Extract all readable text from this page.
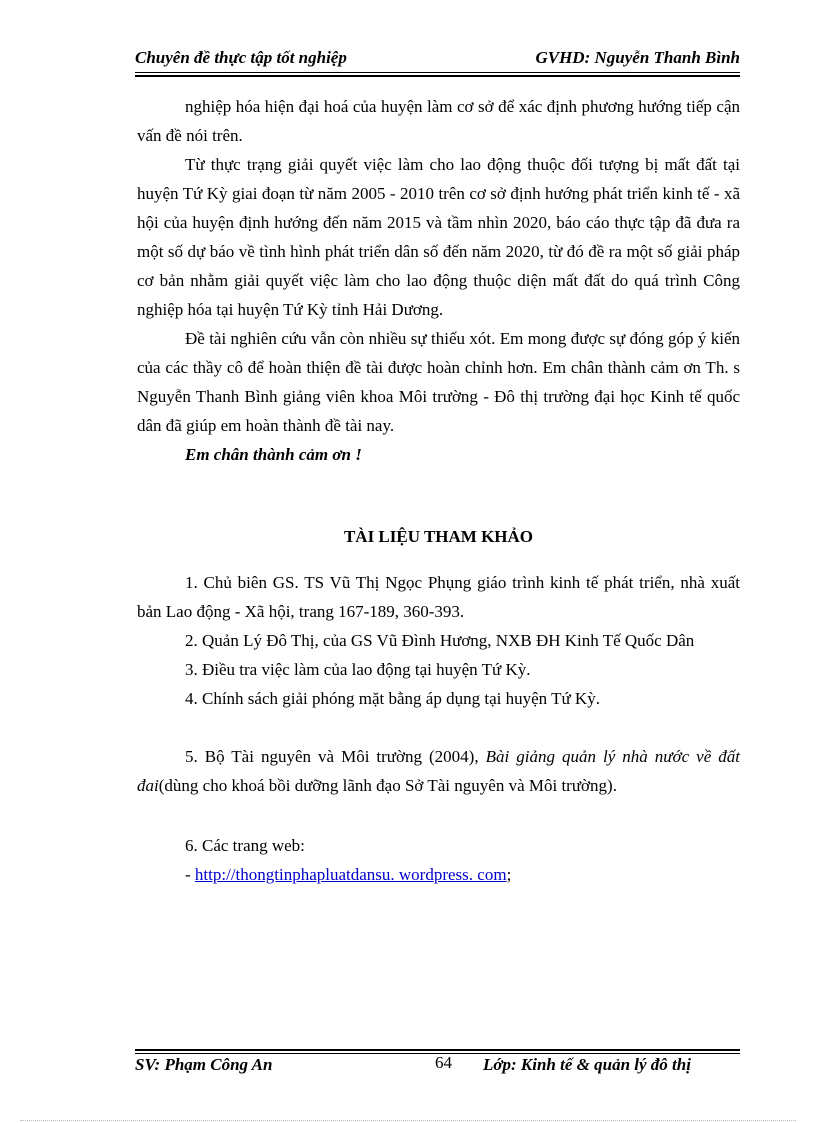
Chuyên đề thực tập tốt nghiệp	GVHD: Nguyễn Thanh Bình

nghiệp hóa hiện đại hoá của huyện làm cơ sở để xác định phương hướng tiếp cận vấn đề nói trên.

Từ thực trạng giải quyết việc làm cho lao động thuộc đối tượng bị mất đất tại huyện Tứ Kỳ giai đoạn từ năm 2005 - 2010 trên cơ sở định hướng phát triển kinh tế - xã hội của huyện định hướng đến năm 2015 và tầm nhìn 2020, báo cáo thực tập đã đưa ra một số dự báo về tình hình phát triển dân số đến năm 2020, từ đó đề ra một số giải pháp cơ bản nhằm giải quyết việc làm cho lao động thuộc diện mất đất do quá trình Công nghiệp hóa tại huyện Tứ Kỳ tỉnh Hải Dương.

Đề tài nghiên cứu vẫn còn nhiều sự thiếu xót. Em mong được sự đóng góp ý kiến của các thầy cô để hoàn thiện đề tài được hoàn chỉnh hơn. Em chân thành cảm ơn Th. s Nguyễn Thanh Bình giảng viên khoa Môi trường - Đô thị trường đại học Kinh tế quốc dân đã giúp em hoàn thành đề tài nay.

Em chân thành cảm ơn !

TÀI LIỆU THAM KHẢO

1. Chủ biên GS. TS Vũ Thị Ngọc Phụng giáo trình kinh tế phát triển, nhà xuất bản Lao động - Xã hội, trang 167-189, 360-393.

2. Quản Lý Đô Thị, của GS Vũ Đình Hương, NXB ĐH Kinh Tế Quốc Dân

3. Điều tra việc làm của lao động tại huyện Tứ Kỳ.

4. Chính sách giải phóng mặt bằng áp dụng tại huyện Tứ Kỳ.

5. Bộ Tài nguyên và Môi trường (2004), Bài giảng quản lý nhà nước về đất đai(dùng cho khoá bồi dưỡng lãnh đạo Sở Tài nguyên và Môi trường).

6. Các trang web:

- http://thongtinphapluatdansu. wordpress. com;

SV: Phạm Công An	64 Lớp: Kinh tế & quản lý đô thị
